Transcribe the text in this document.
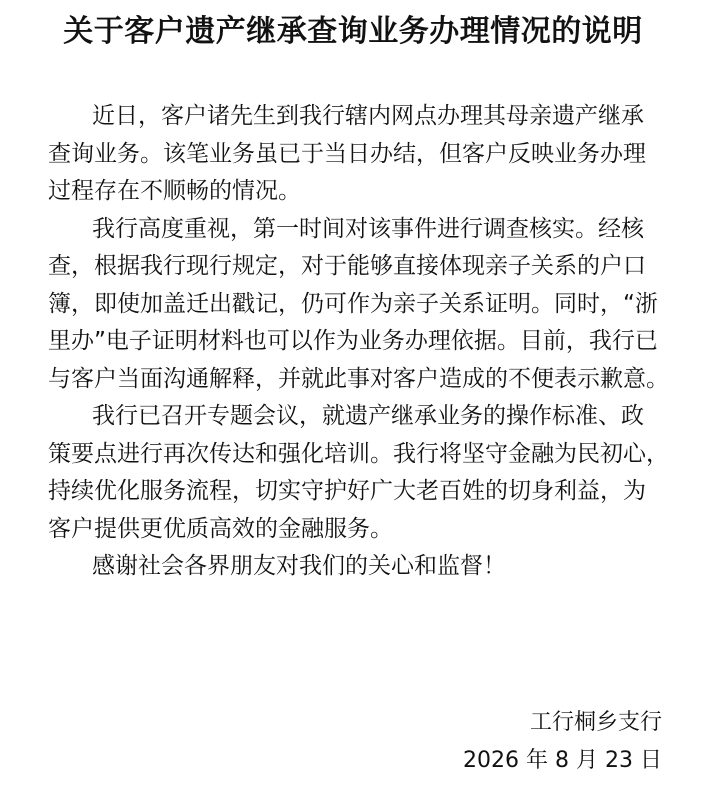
关于客户遗产继承查询业务办理情况的说明
近日，客户诸先生到我行辖内网点办理其母亲遗产继承
查询业务。该笔业务虽已于当日办结，但客户反映业务办理
过程存在不顺畅的情况。
我行高度重视，第一时间对该事件进行调查核实。经核
查，根据我行现行规定，对于能够直接体现亲子关系的户口
簿，即使加盖迁出戳记，仍可作为亲子关系证明。同时，“浙
里办”电子证明材料也可以作为业务办理依据。目前，我行已
与客户当面沟通解释，并就此事对客户造成的不便表示歉意。
我行已召开专题会议，就遗产继承业务的操作标准、政
策要点进行再次传达和强化培训。我行将坚守金融为民初心，
持续优化服务流程，切实守护好广大老百姓的切身利益，为
客户提供更优质高效的金融服务。
感谢社会各界朋友对我们的关心和监督！
工行桐乡支行
2026 年 8 月 23 日
